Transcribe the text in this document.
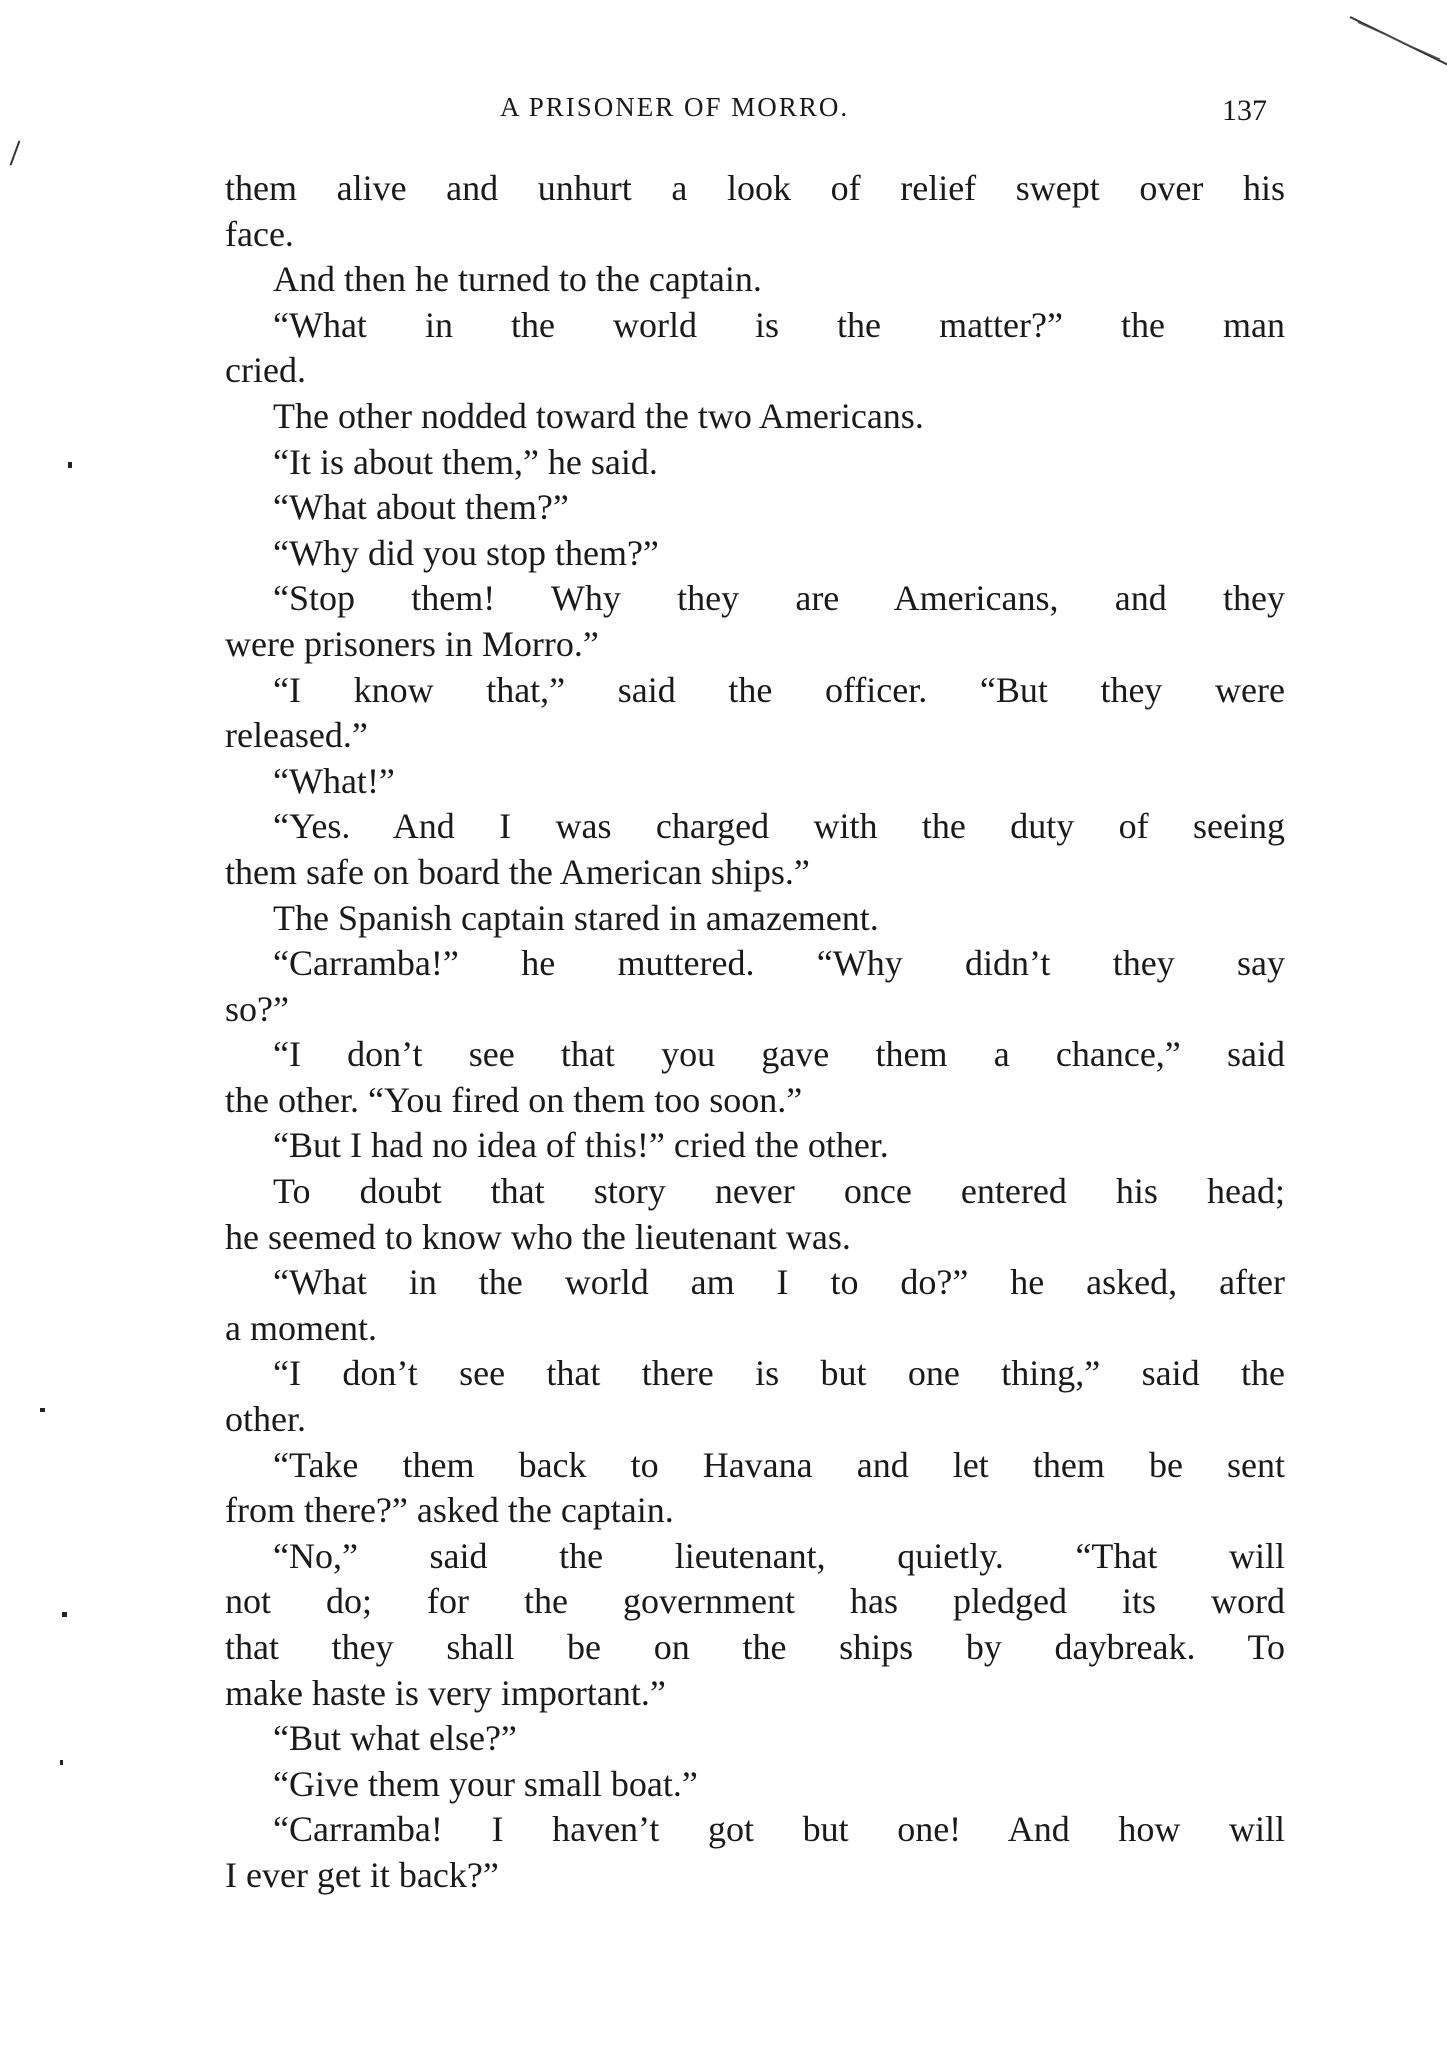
A PRISONER OF MORRO.	137
them alive and unhurt a look of relief swept over his
face.
And then he turned to the captain.
“What in the world is the matter?” the man
cried.
The other nodded toward the two Americans.
“It is about them,” he said.
“What about them?”
“Why did you stop them?”
“Stop them! Why they are Americans, and they
were prisoners in Morro.”
“I know that,” said the officer. “But they were
released.”
“What!”
“Yes. And I was charged with the duty of seeing
them safe on board the American ships.”
The Spanish captain stared in amazement.
“Carramba!” he muttered. “Why didn’t they say
so?”
“I don’t see that you gave them a chance,” said
the other. “You fired on them too soon.”
“But I had no idea of this!” cried the other.
To doubt that story never once entered his head;
he seemed to know who the lieutenant was.
“What in the world am I to do?” he asked, after
a moment.
“I don’t see that there is but one thing,” said the
other.
“Take them back to Havana and let them be sent
from there?” asked the captain.
“No,” said the lieutenant, quietly. “That will
not do; for the government has pledged its word
that they shall be on the ships by daybreak. To
make haste is very important.”
“But what else?”
“Give them your small boat.”
“Carramba! I haven’t got but one! And how will
I ever get it back?”
